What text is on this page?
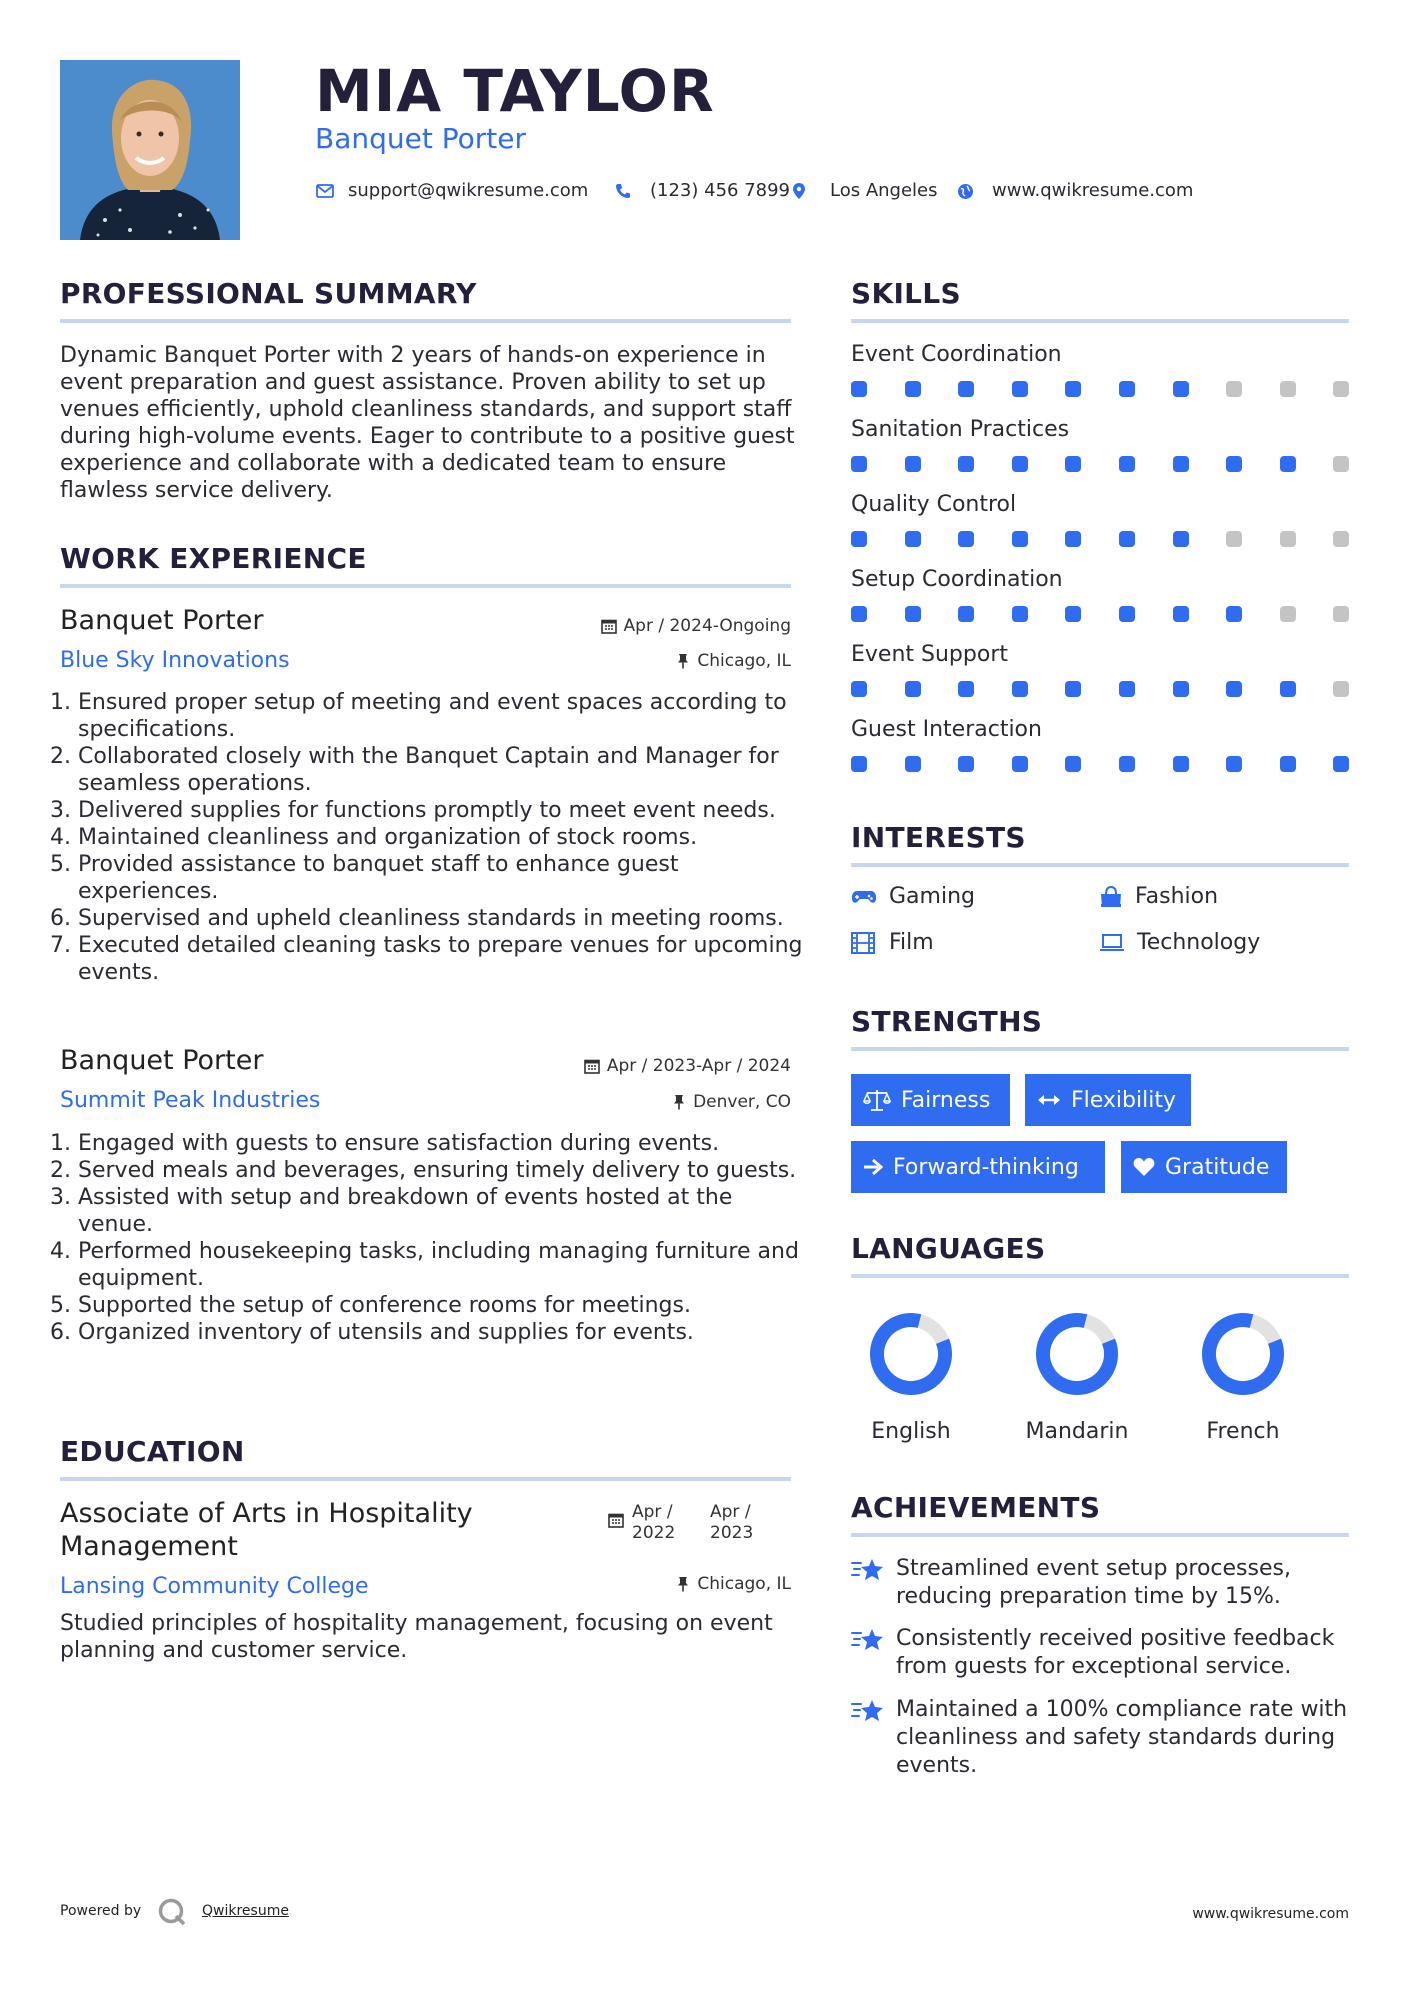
MIA TAYLOR
Banquet Porter
support@qwikresume.com	(123) 456 7899 Los Angeles	www.qwikresume.com
PROFESSIONAL SUMMARY
Dynamic Banquet Porter with 2 years of hands-on experience in event preparation and guest assistance. Proven ability to set up venues efficiently, uphold cleanliness standards, and support staff during high-volume events. Eager to contribute to a positive guest experience and collaborate with a dedicated team to ensure flawless service delivery.
WORK EXPERIENCE
Banquet Porter	Apr / 2024-Ongoing
Blue Sky Innovations	Chicago, IL
1. Ensured proper setup of meeting and event spaces according to specifications.
2. Collaborated closely with the Banquet Captain and Manager for seamless operations.
3. Delivered supplies for functions promptly to meet event needs.
4. Maintained cleanliness and organization of stock rooms.
5. Provided assistance to banquet staff to enhance guest experiences.
6. Supervised and upheld cleanliness standards in meeting rooms.
7. Executed detailed cleaning tasks to prepare venues for upcoming events.
Banquet Porter	Apr / 2023-Apr / 2024
Summit Peak Industries	Denver, CO
1. Engaged with guests to ensure satisfaction during events.
2. Served meals and beverages, ensuring timely delivery to guests.
3. Assisted with setup and breakdown of events hosted at the venue.
4. Performed housekeeping tasks, including managing furniture and equipment.
5. Supported the setup of conference rooms for meetings.
6. Organized inventory of utensils and supplies for events.
EDUCATION
Associate of Arts in Hospitality Management
Apr /
2022
Apr /
2023
Lansing Community College	Chicago, IL
Studied principles of hospitality management, focusing on event planning and customer service.
SKILLS
Event Coordination
Sanitation Practices
Quality Control
Setup Coordination
Event Support
Guest Interaction
INTERESTS
Gaming	Fashion
Film	Technology
STRENGTHS
Fairness	Flexibility
Forward-thinking	Gratitude
LANGUAGES
English	Mandarin	French
ACHIEVEMENTS
Streamlined event setup processes, reducing preparation time by 15%.
Consistently received positive feedback from guests for exceptional service.
Maintained a 100% compliance rate with cleanliness and safety standards during events.
Powered by	Qwikresume	www.qwikresume.com
